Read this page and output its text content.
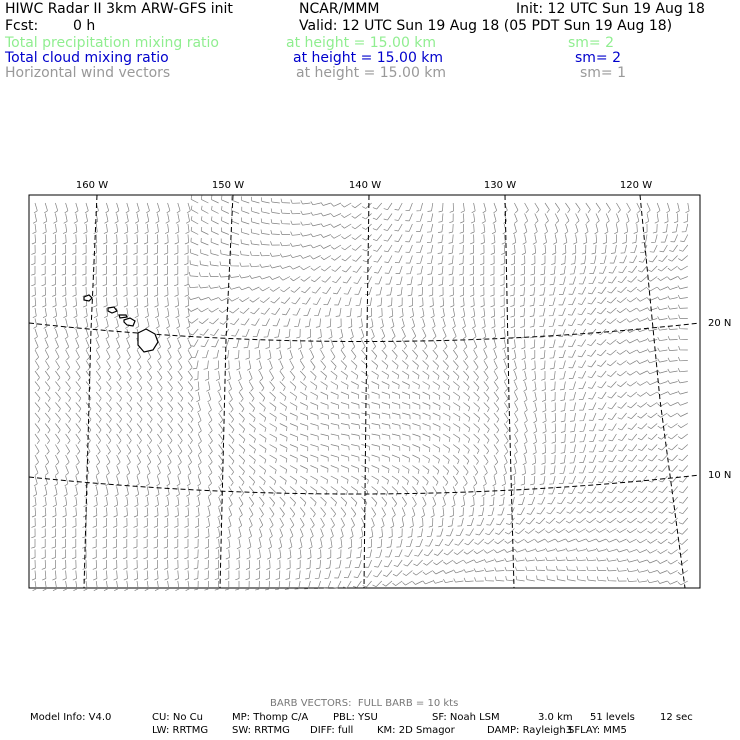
HIWC Radar II 3km ARW-GFS init	NCAR/MMM	Init: 12 UTC Sun 19 Aug 18
Fcst: 0 h	Valid: 12 UTC Sun 19 Aug 18 (05 PDT Sun 19 Aug 18)
Total precipitation mixing ratio	at height = 15.00 km	sm= 2
Total cloud mixing ratio	at height = 15.00 km	sm= 2
Horizontal wind vectors	at height = 15.00 km	sm= 1
160 W	150 W	140 W	130 W	120 W
20 N
10 N
BARB VECTORS:  FULL BARB = 10 kts
Model Info: V4.0	CU: No Cu	MP: Thomp C/A PBL: YSU	SF: Noah LSM	3.0 km 51 levels	12 sec
LW: RRTMG SW: RRTMG DIFF: full KM: 2D Smagor	DAMP: Rayleigh3
SFLAY: MM5
